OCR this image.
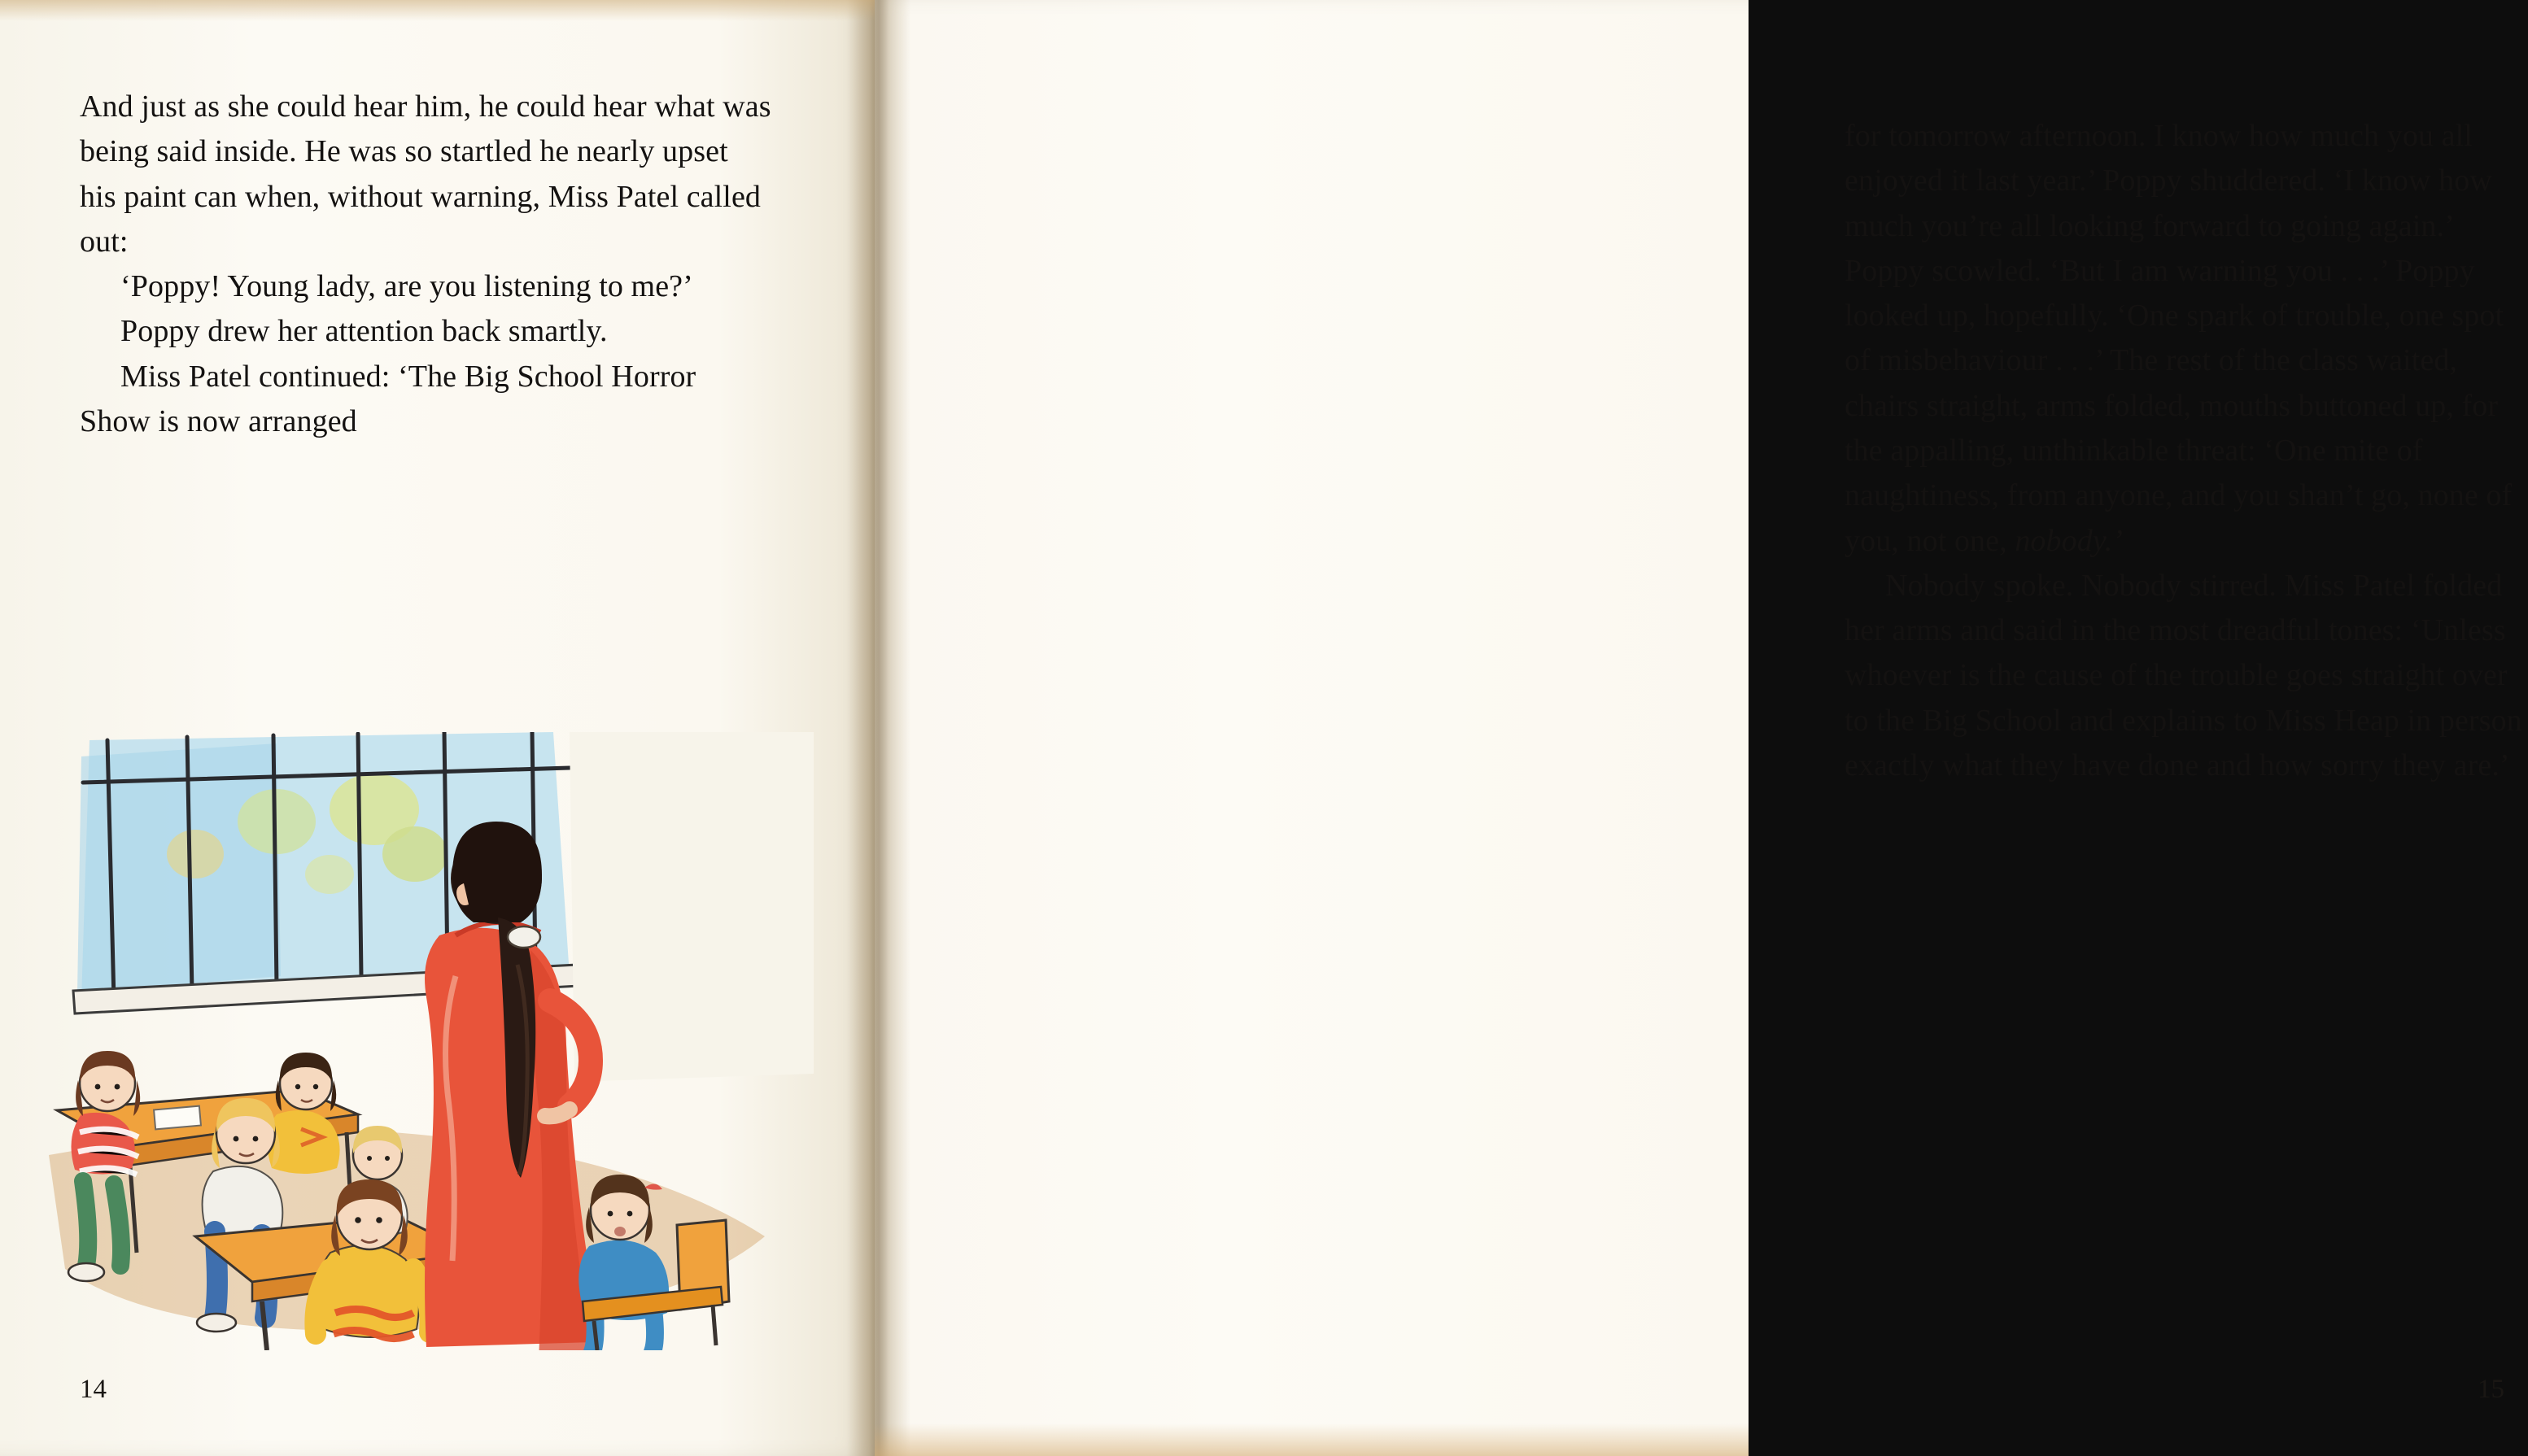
And just as she could hear him, he could hear what was being said inside. He was so startled he nearly upset his paint can when, without warning, Miss Patel called out:

‘Poppy! Young lady, are you listening to me?’

Poppy drew her attention back smartly.

Miss Patel continued: ‘The Big School Horror Show is now arranged

14

for tomorrow afternoon. I know how much you all enjoyed it last year.’ Poppy shuddered. ‘I know how much you’re all looking forward to going again.’ Poppy scowled. ‘But I am warning you . . .’ Poppy looked up, hopefully. ‘One spark of trouble, one spot of misbehaviour . . .’ The rest of the class waited, chairs straight, arms folded, mouths buttoned up, for the appalling, unthinkable threat: ‘One mite of naughtiness, from anyone, and you shan’t go, none of you, not one, nobody.’

Nobody spoke. Nobody stirred. Miss Patel folded her arms and said in the most dreadful tones: ‘Unless whoever is the cause of the trouble goes straight over to the Big School and explains to Miss Heap in person exactly what they have done and how sorry they are.’

15
